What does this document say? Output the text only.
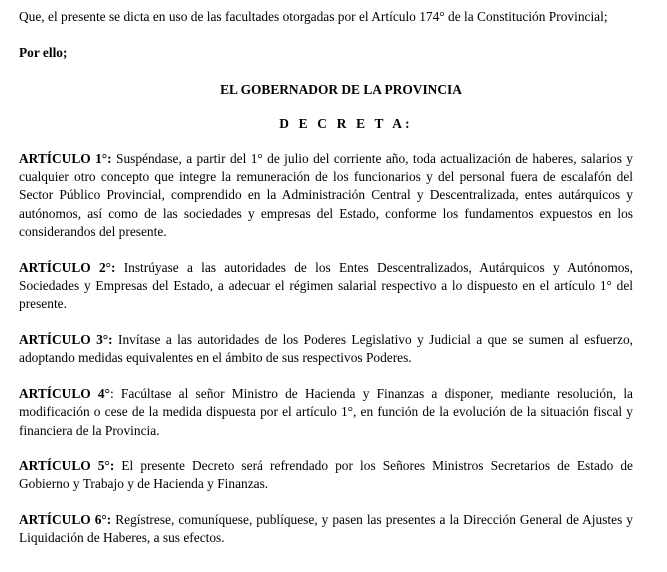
Que, el presente se dicta en uso de las facultades otorgadas por el Artículo 174° de la Constitución Provincial;

Por ello;

EL GOBERNADOR DE LA PROVINCIA

D E C R E T A:

ARTÍCULO 1°: Suspéndase, a partir del 1° de julio del corriente año, toda actualización de haberes, salarios y cualquier otro concepto que integre la remuneración de los funcionarios y del personal fuera de escalafón del Sector Público Provincial, comprendido en la Administración Central y Descentralizada, entes autárquicos y autónomos, así como de las sociedades y empresas del Estado, conforme los fundamentos expuestos en los considerandos del presente.

ARTÍCULO 2°: Instrúyase a las autoridades de los Entes Descentralizados, Autárquicos y Autónomos, Sociedades y Empresas del Estado, a adecuar el régimen salarial respectivo a lo dispuesto en el artículo 1° del presente.

ARTÍCULO 3°: Invítase a las autoridades de los Poderes Legislativo y Judicial a que se sumen al esfuerzo, adoptando medidas equivalentes en el ámbito de sus respectivos Poderes.

ARTÍCULO 4°: Facúltase al señor Ministro de Hacienda y Finanzas a disponer, mediante resolución, la modificación o cese de la medida dispuesta por el artículo 1°, en función de la evolución de la situación fiscal y financiera de la Provincia.

ARTÍCULO 5°: El presente Decreto será refrendado por los Señores Ministros Secretarios de Estado de Gobierno y Trabajo y de Hacienda y Finanzas.

ARTÍCULO 6°: Regístrese, comuníquese, publíquese, y pasen las presentes a la Dirección General de Ajustes y Liquidación de Haberes, a sus efectos.
